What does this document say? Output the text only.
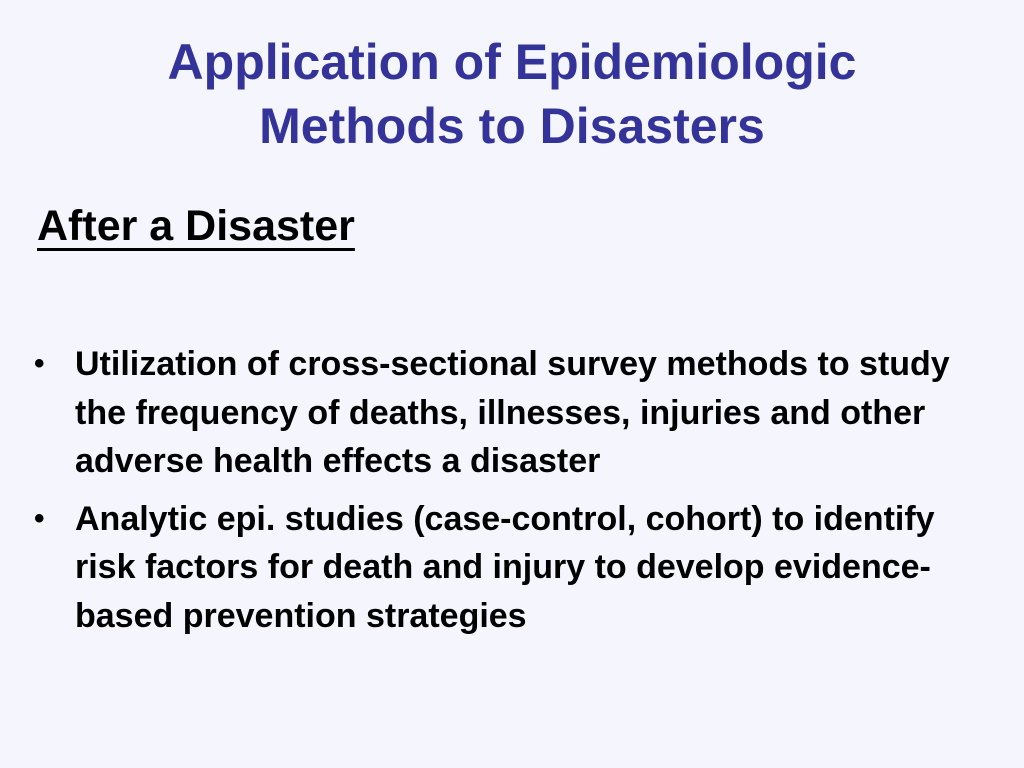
Application of Epidemiologic
Methods to Disasters
After a Disaster
• Utilization of cross-sectional survey methods to study the frequency of deaths, illnesses, injuries and other adverse health effects a disaster
• Analytic epi. studies (case-control, cohort) to identify risk factors for death and injury to develop evidence-based prevention strategies
